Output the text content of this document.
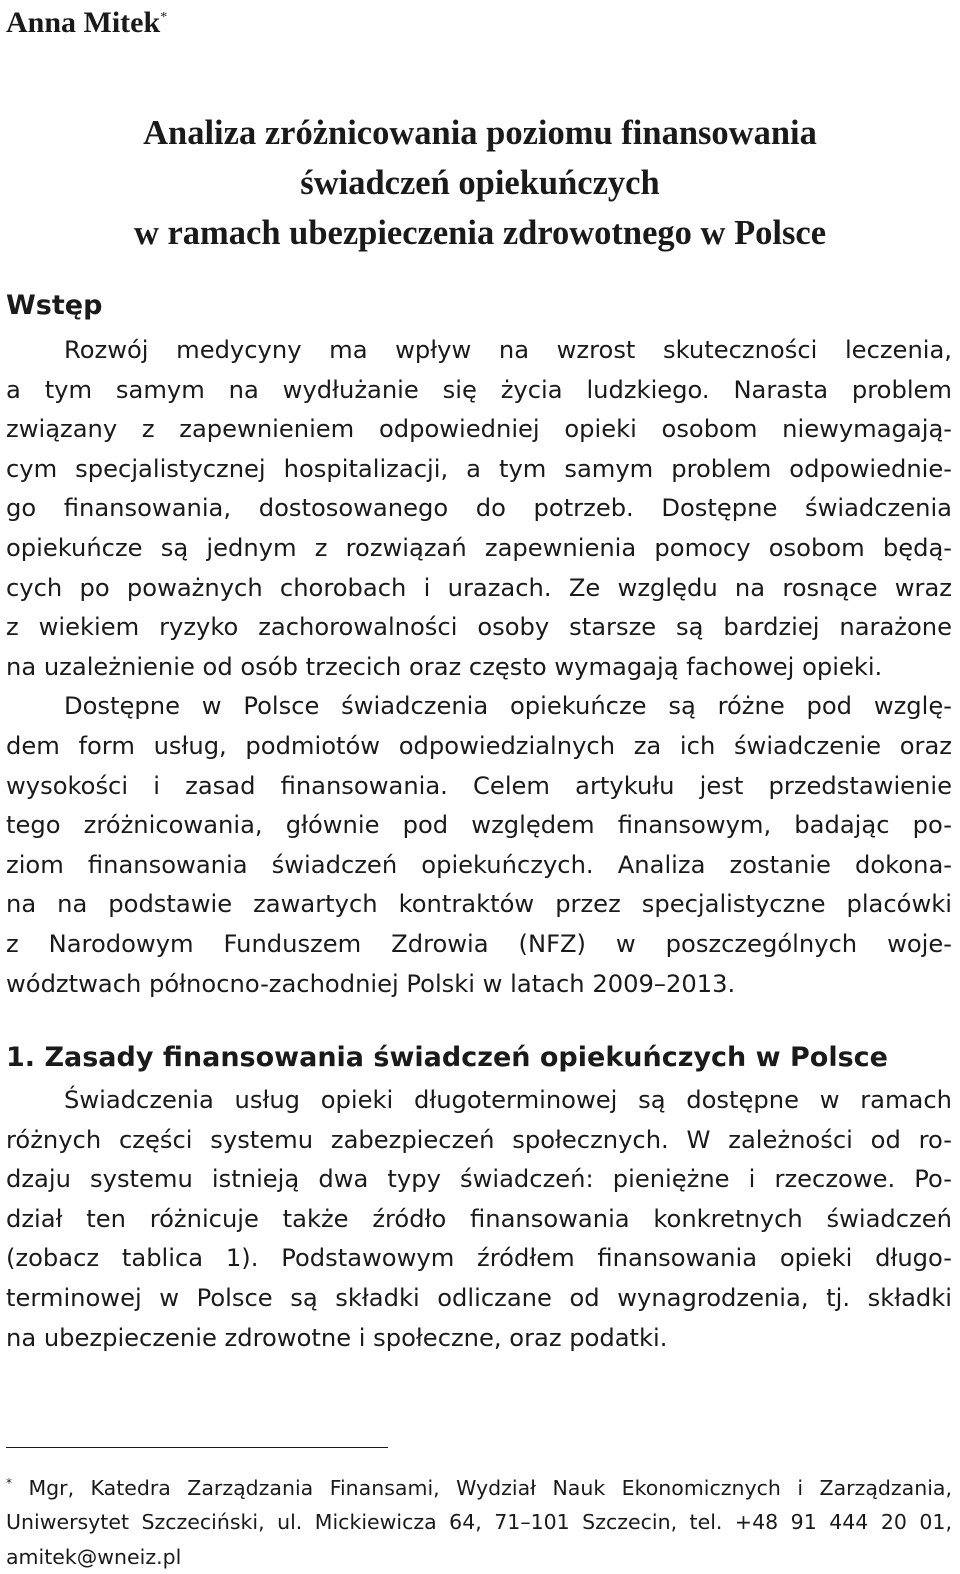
Anna Mitek*
Analiza zróżnicowania poziomu finansowania
świadczeń opiekuńczych
w ramach ubezpieczenia zdrowotnego w Polsce
Wstęp

Rozwój medycyny ma wpływ na wzrost skuteczności leczenia,
a tym samym na wydłużanie się życia ludzkiego. Narasta problem
związany z zapewnieniem odpowiedniej opieki osobom niewymagają-
cym specjalistycznej hospitalizacji, a tym samym problem odpowiednie-
go finansowania, dostosowanego do potrzeb. Dostępne świadczenia
opiekuńcze są jednym z rozwiązań zapewnienia pomocy osobom będą-
cych po poważnych chorobach i urazach. Ze względu na rosnące wraz
z wiekiem ryzyko zachorowalności osoby starsze są bardziej narażone
na uzależnienie od osób trzecich oraz często wymagają fachowej opieki.
Dostępne w Polsce świadczenia opiekuńcze są różne pod wzglę-
dem form usług, podmiotów odpowiedzialnych za ich świadczenie oraz
wysokości i zasad finansowania. Celem artykułu jest przedstawienie
tego zróżnicowania, głównie pod względem finansowym, badając po-
ziom finansowania świadczeń opiekuńczych. Analiza zostanie dokona-
na na podstawie zawartych kontraktów przez specjalistyczne placówki
z Narodowym Funduszem Zdrowia (NFZ) w poszczególnych woje-
wództwach północno-zachodniej Polski w latach 2009–2013.

1. Zasady finansowania świadczeń opiekuńczych w Polsce

Świadczenia usług opieki długoterminowej są dostępne w ramach
różnych części systemu zabezpieczeń społecznych. W zależności od ro-
dzaju systemu istnieją dwa typy świadczeń: pieniężne i rzeczowe. Po-
dział ten różnicuje także źródło finansowania konkretnych świadczeń
(zobacz tablica 1). Podstawowym źródłem finansowania opieki długo-
terminowej w Polsce są składki odliczane od wynagrodzenia, tj. składki
na ubezpieczenie zdrowotne i społeczne, oraz podatki.

* Mgr, Katedra Zarządzania Finansami, Wydział Nauk Ekonomicznych i Zarządzania,
Uniwersytet Szczeciński, ul. Mickiewicza 64, 71–101 Szczecin, tel. +48 91 444 20 01,
amitek@wneiz.pl
